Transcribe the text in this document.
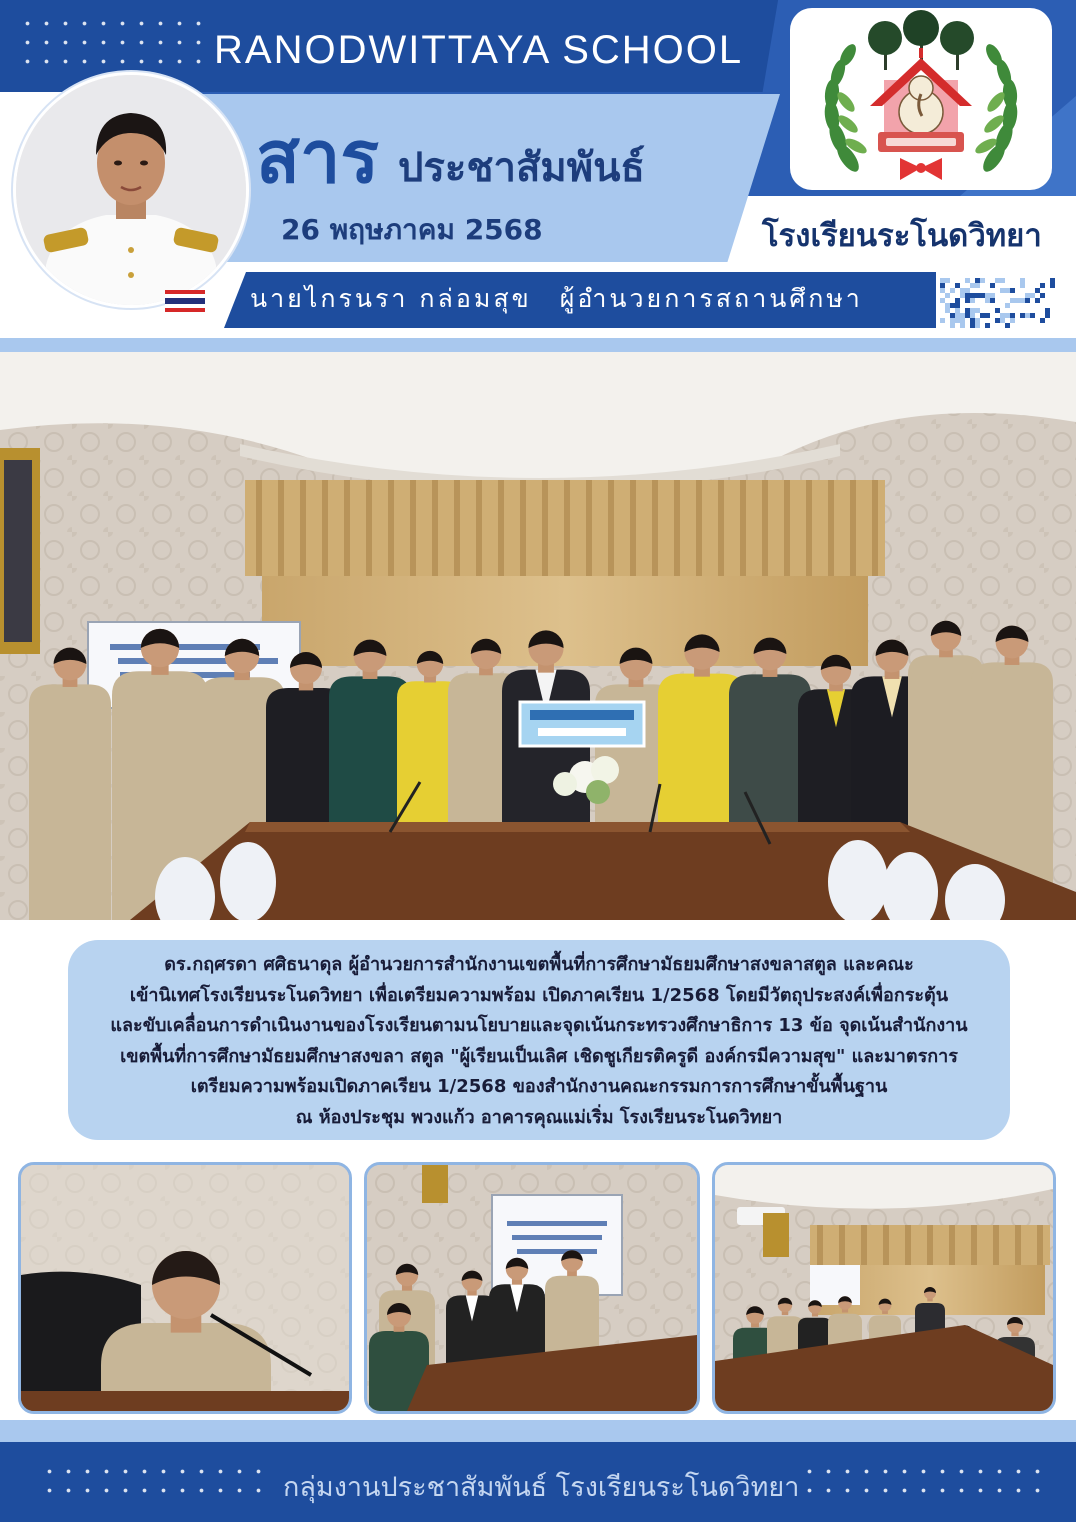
RANODWITTAYA SCHOOL
สาร ประชาสัมพันธ์
26 พฤษภาคม 2568	โรงเรียนระโนดวิทยา
นายไกรนรา กล่อมสุข ผู้อำนวยการสถานศึกษา
ดร.กฤศรดา ศศิธนาดุล ผู้อำนวยการสำนักงานเขตพื้นที่การศึกษามัธยมศึกษาสงขลาสตูล และคณะ
เข้านิเทศโรงเรียนระโนดวิทยา เพื่อเตรียมความพร้อม เปิดภาคเรียน 1/2568 โดยมีวัตถุประสงค์เพื่อกระตุ้น
และขับเคลื่อนการดำเนินงานของโรงเรียนตามนโยบายและจุดเน้นกระทรวงศึกษาธิการ 13 ข้อ จุดเน้นสำนักงาน
เขตพื้นที่การศึกษามัธยมศึกษาสงขลา สตูล "ผู้เรียนเป็นเลิศ เชิดชูเกียรติครูดี องค์กรมีความสุข" และมาตรการ
เตรียมความพร้อมเปิดภาคเรียน 1/2568 ของสำนักงานคณะกรรมการการศึกษาขั้นพื้นฐาน
ณ ห้องประชุม พวงแก้ว อาคารคุณแม่เริ่ม โรงเรียนระโนดวิทยา
กลุ่มงานประชาสัมพันธ์ โรงเรียนระโนดวิทยา
